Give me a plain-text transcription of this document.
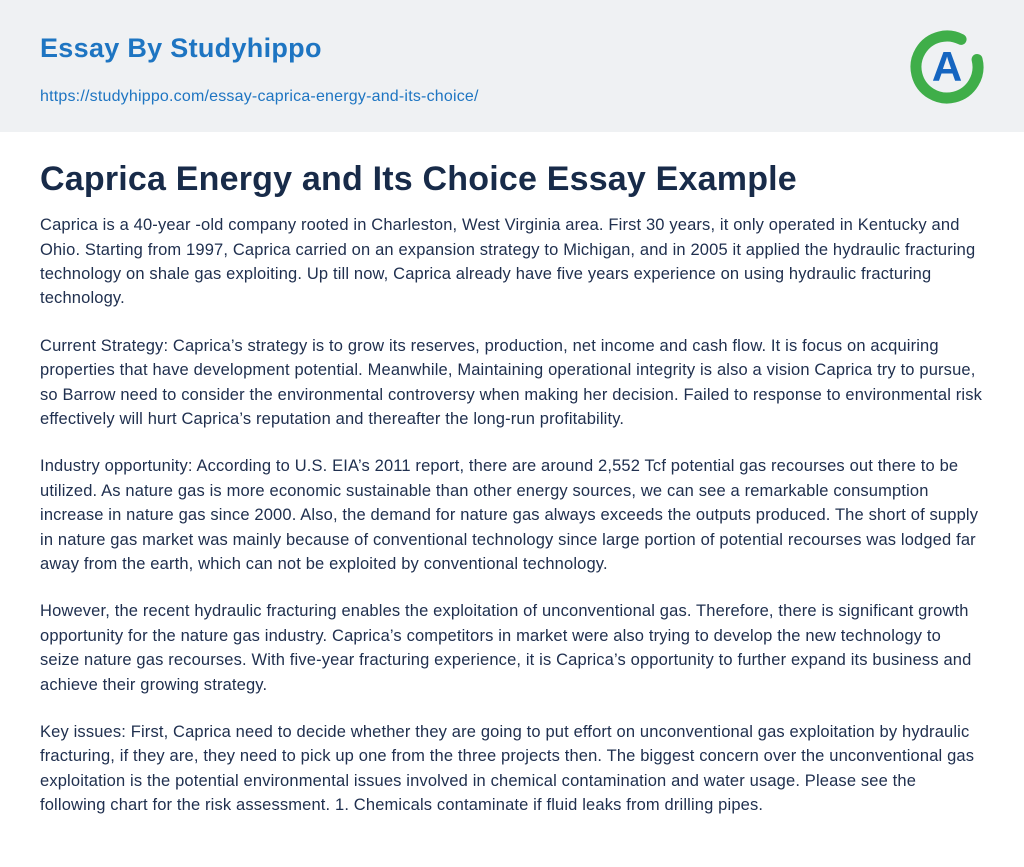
Essay By Studyhippo
https://studyhippo.com/essay-caprica-energy-and-its-choice/
A
Caprica Energy and Its Choice Essay Example

Caprica is a 40-year -old company rooted in Charleston, West Virginia area. First 30 years, it only operated in Kentucky and Ohio. Starting from 1997, Caprica carried on an expansion strategy to Michigan, and in 2005 it applied the hydraulic fracturing technology on shale gas exploiting. Up till now, Caprica already have five years experience on using hydraulic fracturing technology.

Current Strategy: Caprica’s strategy is to grow its reserves, production, net income and cash flow. It is focus on acquiring properties that have development potential. Meanwhile, Maintaining operational integrity is also a vision Caprica try to pursue, so Barrow need to consider the environmental controversy when making her decision. Failed to response to environmental risk effectively will hurt Caprica’s reputation and thereafter the long-run profitability.

Industry opportunity: According to U.S. EIA’s 2011 report, there are around 2,552 Tcf potential gas recourses out there to be utilized. As nature gas is more economic sustainable than other energy sources, we can see a remarkable consumption increase in nature gas since 2000. Also, the demand for nature gas always exceeds the outputs produced. The short of supply in nature gas market was mainly because of conventional technology since large portion of potential recourses was lodged far away from the earth, which can not be exploited by conventional technology.

However, the recent hydraulic fracturing enables the exploitation of unconventional gas. Therefore, there is significant growth opportunity for the nature gas industry. Caprica’s competitors in market were also trying to develop the new technology to seize nature gas recourses. With five-year fracturing experience, it is Caprica’s opportunity to further expand its business and achieve their growing strategy.

Key issues: First, Caprica need to decide whether they are going to put effort on unconventional gas exploitation by hydraulic fracturing, if they are, they need to pick up one from the three projects then. The biggest concern over the unconventional gas exploitation is the potential environmental issues involved in chemical contamination and water usage. Please see the following chart for the risk assessment. 1. Chemicals contaminate if fluid leaks from drilling pipes.
